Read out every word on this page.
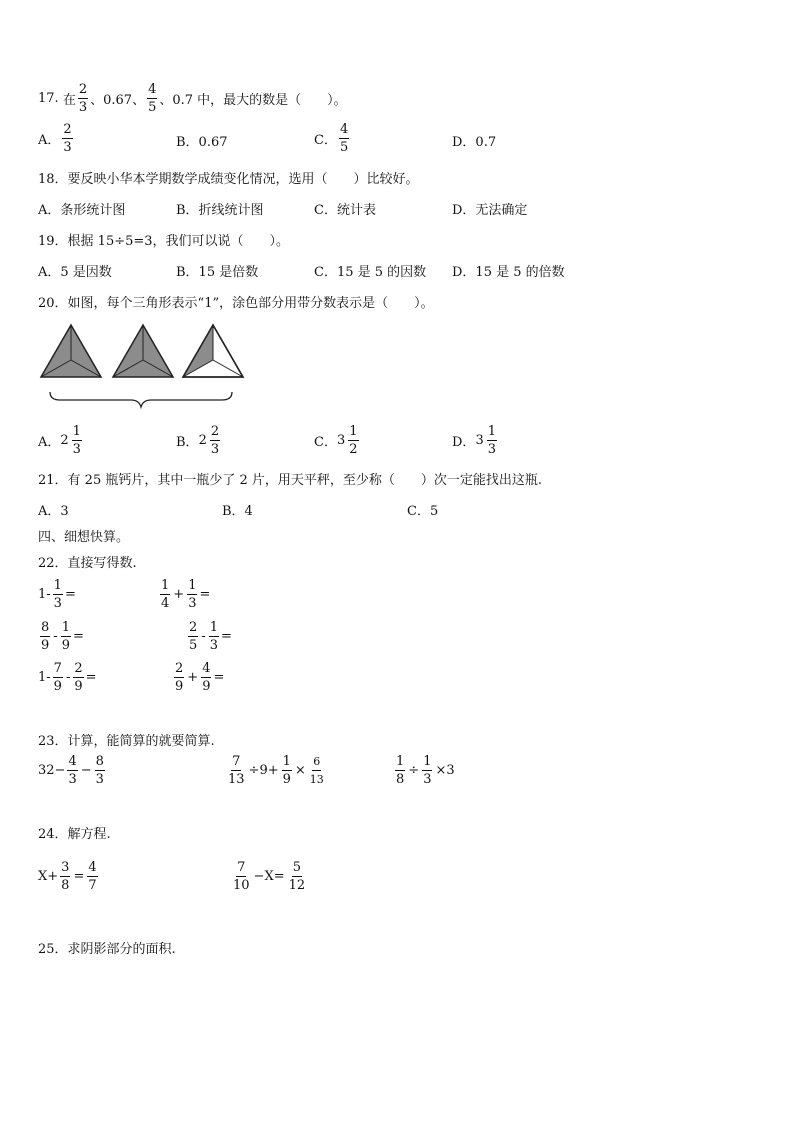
17.
在 $\frac{2}{3}$ 、0.67、 $\frac{4}{5}$ 、0.7 中，最大的数是（　　）。
A． $\frac{2}{3}$	B．0.67	C． $\frac{4}{5}$	D．0.7
18．要反映小华本学期数学成绩变化情况，选用（　　）比较好。
A．条形统计图	B．折线统计图	C．统计表	D．无法确定
19．根据 15÷5=3，我们可以说（　　）。
A．5 是因数	B．15 是倍数	C．15 是 5 的因数 D．15 是 5 的倍数
20．如图，每个三角形表示“1”，涂色部分用带分数表示是（　　）。
A． $2 \frac{1}{3}$	B． $2 \frac{2}{3}$	C． $3 \frac{1}{2}$	D． $3 \frac{1}{3}$
21．有 25 瓶钙片，其中一瓶少了 2 片，用天平秤，至少称（　　）次一定能找出这瓶.
A．3	B．4	C．5
四、细想快算。
22．直接写得数.
$1- \frac{1}{3}$ =	$\frac{1}{4} + \frac{1}{3}$ =
$\frac{8}{9} - \frac{1}{9}$ =	$\frac{2}{5} - \frac{1}{3}$ =
$1- \frac{7}{9} - \frac{2}{9}$ =	$\frac{2}{9} + \frac{4}{9}$ =
23．计算，能简算的就要简算.
$32- \frac{4}{3} - \frac{8}{3}$	$\frac{7}{13} \div 9+ \frac{1}{9} \times \frac{6}{13}$	$\frac{1}{8} \div \frac{1}{3} \times 3$
24．解方程.
$X+ \frac{3}{8} = \frac{4}{7}$	$\frac{7}{10} -X= \frac{5}{12}$
25．求阴影部分的面积.
